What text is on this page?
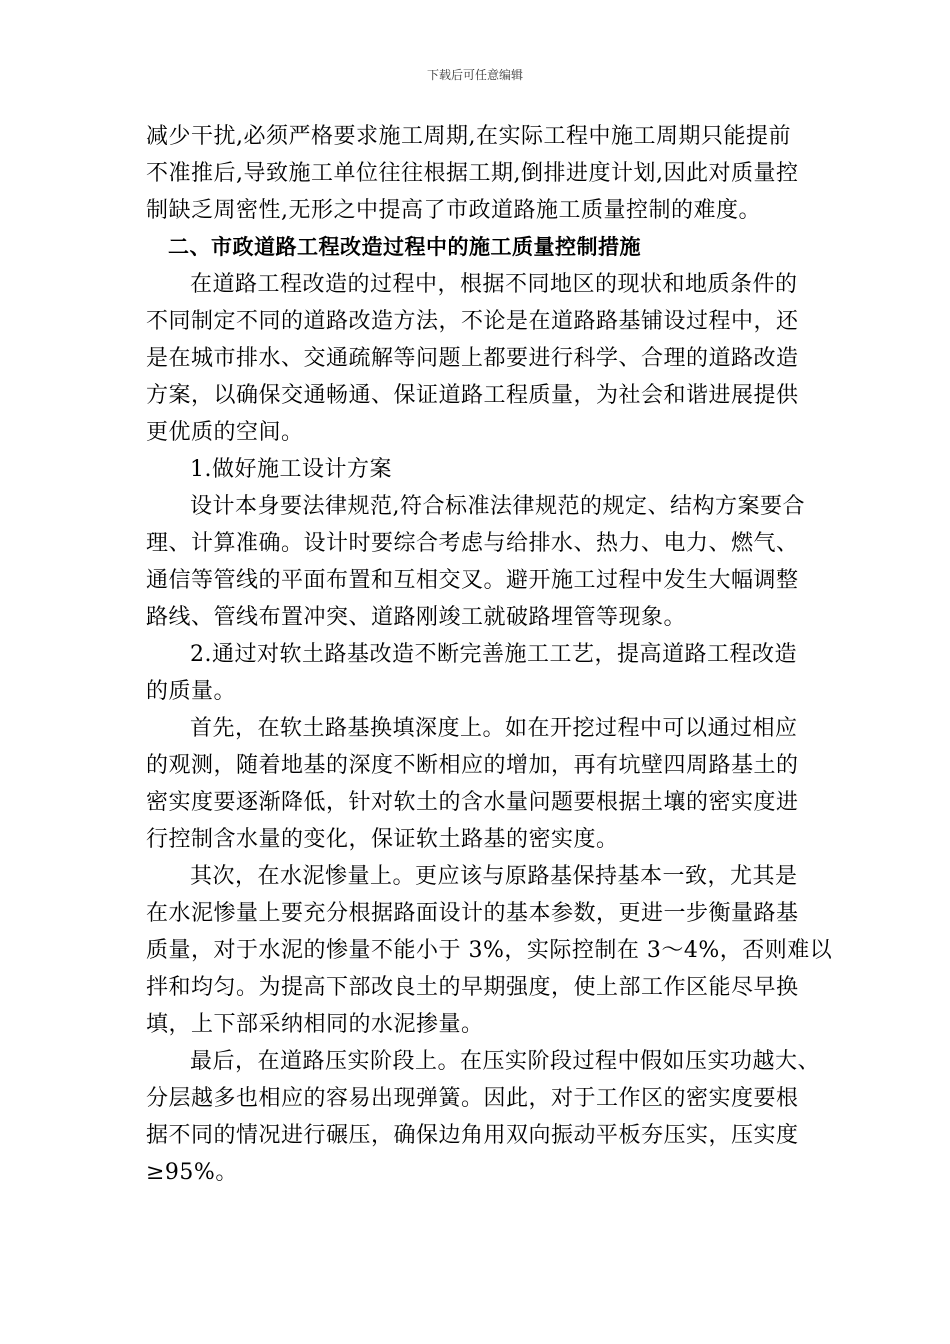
下载后可任意编辑
减少干扰,必须严格要求施工周期,在实际工程中施工周期只能提前
不准推后,导致施工单位往往根据工期,倒排进度计划,因此对质量控
制缺乏周密性,无形之中提高了市政道路施工质量控制的难度。
二、市政道路工程改造过程中的施工质量控制措施
在道路工程改造的过程中，根据不同地区的现状和地质条件的
不同制定不同的道路改造方法，不论是在道路路基铺设过程中，还
是在城市排水、交通疏解等问题上都要进行科学、合理的道路改造
方案，以确保交通畅通、保证道路工程质量，为社会和谐进展提供
更优质的空间。
1.做好施工设计方案
设计本身要法律规范,符合标准法律规范的规定、结构方案要合
理、计算准确。设计时要综合考虑与给排水、热力、电力、燃气、
通信等管线的平面布置和互相交叉。避开施工过程中发生大幅调整
路线、管线布置冲突、道路刚竣工就破路埋管等现象。
2.通过对软土路基改造不断完善施工工艺，提高道路工程改造
的质量。
首先，在软土路基换填深度上。如在开挖过程中可以通过相应
的观测，随着地基的深度不断相应的增加，再有坑壁四周路基土的
密实度要逐渐降低，针对软土的含水量问题要根据土壤的密实度进
行控制含水量的变化，保证软土路基的密实度。
其次，在水泥惨量上。更应该与原路基保持基本一致，尤其是
在水泥惨量上要充分根据路面设计的基本参数，更进一步衡量路基
质量，对于水泥的惨量不能小于 3%，实际控制在 3～4%，否则难以
拌和均匀。为提高下部改良土的早期强度，使上部工作区能尽早换
填，上下部采纳相同的水泥掺量。
最后，在道路压实阶段上。在压实阶段过程中假如压实功越大、
分层越多也相应的容易出现弹簧。因此，对于工作区的密实度要根
据不同的情况进行碾压，确保边角用双向振动平板夯压实，压实度
≥95%。
